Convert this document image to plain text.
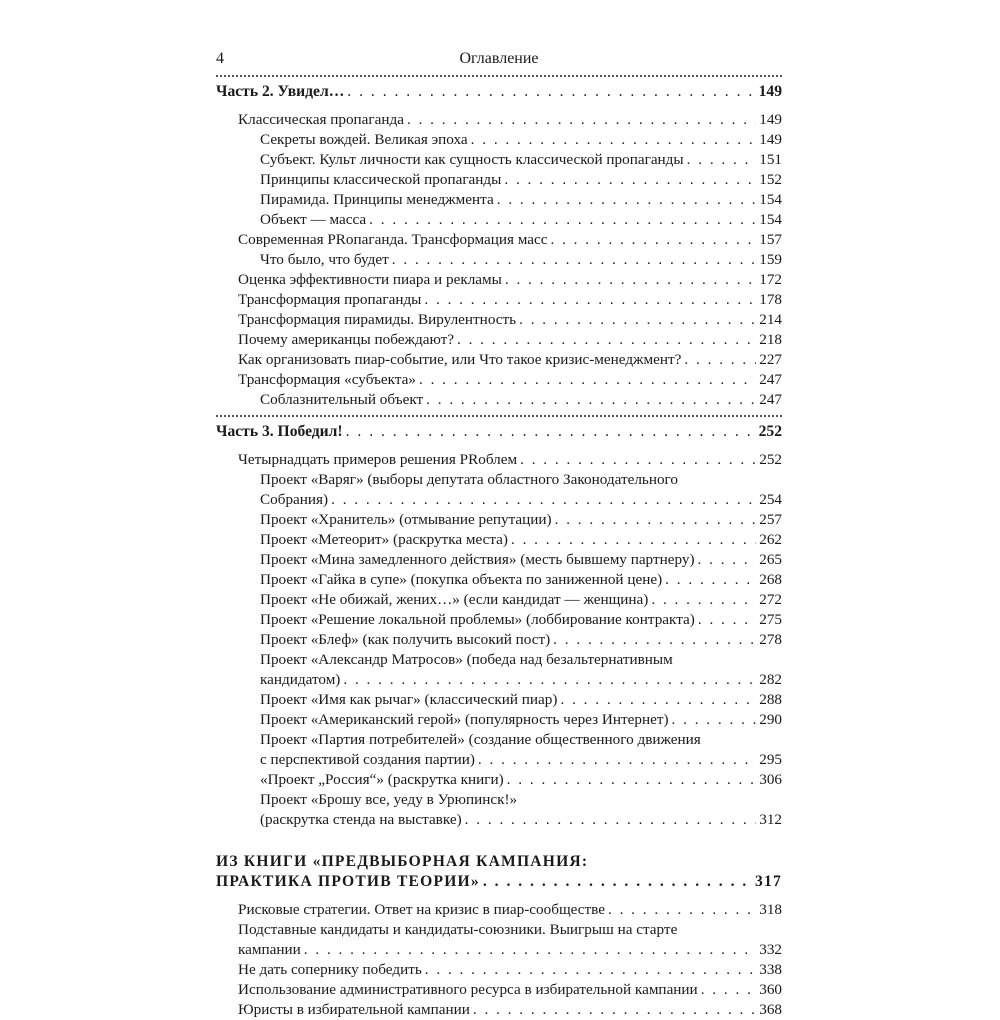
4	Оглавление
Часть 2. Увидел… . . .	149
Классическая пропаганда . . .	149
Секреты вождей. Великая эпоха . . .	149
Субъект. Культ личности как сущность классической пропаганды . . .	151
Принципы классической пропаганды . . .	152
Пирамида. Принципы менеджмента . . .	154
Объект — масса . . .	154
Современная PRопаганда. Трансформация масс . . .	157
Что было, что будет . . .	159
Оценка эффективности пиара и рекламы . . .	172
Трансформация пропаганды . . .	178
Трансформация пирамиды. Вирулентность . . .	214
Почему американцы побеждают? . . .	218
Как организовать пиар-событие, или Что такое кризис-менеджмент? . . .	227
Трансформация «субъекта» . . .	247
Соблазнительный объект . . .	247
Часть 3. Победил! . . .	252
Четырнадцать примеров решения PRоблем . . .	252
Проект «Варяг» (выборы депутата областного Законодательного
Собрания) . . .	254
Проект «Хранитель» (отмывание репутации) . . .	257
Проект «Метеорит» (раскрутка места) . . .	262
Проект «Мина замедленного действия» (месть бывшему партнеру) . . .	265
Проект «Гайка в супе» (покупка объекта по заниженной цене) . . .	268
Проект «Не обижай, жених…» (если кандидат — женщина) . . .	272
Проект «Решение локальной проблемы» (лоббирование контракта) . . .	275
Проект «Блеф» (как получить высокий пост) . . .	278
Проект «Александр Матросов» (победа над безальтернативным
кандидатом) . . .	282
Проект «Имя как рычаг» (классический пиар) . . .	288
Проект «Американский герой» (популярность через Интернет) . . .	290
Проект «Партия потребителей» (создание общественного движения
с перспективой создания партии) . . .	295
«Проект „Россия“» (раскрутка книги) . . .	306
Проект «Брошу все, уеду в Урюпинск!»
(раскрутка стенда на выставке) . . .	312
ИЗ КНИГИ «ПРЕДВЫБОРНАЯ КАМПАНИЯ:
ПРАКТИКА ПРОТИВ ТЕОРИИ» . . .	317
Рисковые стратегии. Ответ на кризис в пиар-сообществе . . .	318
Подставные кандидаты и кандидаты-союзники. Выигрыш на старте
кампании . . .	332
Не дать сопернику победить . . .	338
Использование административного ресурса в избирательной кампании . . .	360
Юристы в избирательной кампании . . .	368
